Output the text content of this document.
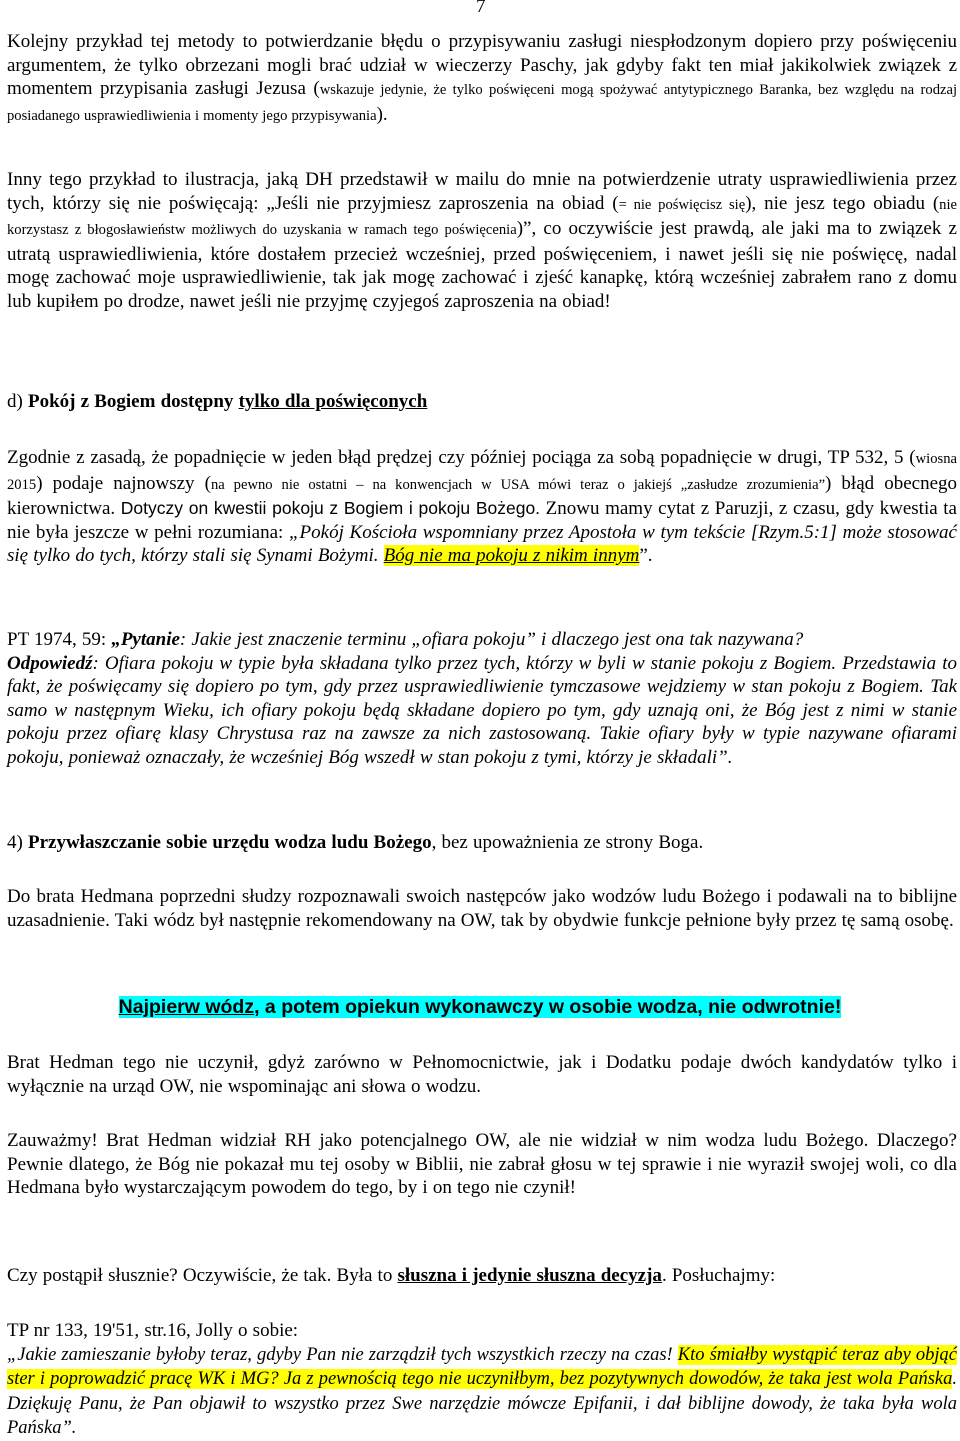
7
Kolejny przykład tej metody to potwierdzanie błędu o przypisywaniu zasługi niespłodzonym dopiero przy poświęceniu argumentem, że tylko obrzezani mogli brać udział w wieczerzy Paschy, jak gdyby fakt ten miał jakikolwiek związek z momentem przypisania zasługi Jezusa (wskazuje jedynie, że tylko poświęceni mogą spożywać antytypicznego Baranka, bez względu na rodzaj posiadanego usprawiedliwienia i momenty jego przypisywania).
Inny tego przykład to ilustracja, jaką DH przedstawił w mailu do mnie na potwierdzenie utraty usprawiedliwienia przez tych, którzy się nie poświęcają: „Jeśli nie przyjmiesz zaproszenia na obiad (= nie poświęcisz się), nie jesz tego obiadu (nie korzystasz z błogosławieństw możliwych do uzyskania w ramach tego poświęcenia)”, co oczywiście jest prawdą, ale jaki ma to związek z utratą usprawiedliwienia, które dostałem przecież wcześniej, przed poświęceniem, i nawet jeśli się nie poświęcę, nadal mogę zachować moje usprawiedliwienie, tak jak mogę zachować i zjeść kanapkę, którą wcześniej zabrałem rano z domu lub kupiłem po drodze, nawet jeśli nie przyjmę czyjegoś zaproszenia na obiad!
d) Pokój z Bogiem dostępny tylko dla poświęconych
Zgodnie z zasadą, że popadnięcie w jeden błąd prędzej czy później pociąga za sobą popadnięcie w drugi, TP 532, 5 (wiosna 2015) podaje najnowszy (na pewno nie ostatni – na konwencjach w USA mówi teraz o jakiejś „zasłudze zrozumienia”) błąd obecnego kierownictwa. Dotyczy on kwestii pokoju z Bogiem i pokoju Bożego. Znowu mamy cytat z Paruzji, z czasu, gdy kwestia ta nie była jeszcze w pełni rozumiana: „Pokój Kościoła wspomniany przez Apostoła w tym tekście [Rzym.5:1] może stosować się tylko do tych, którzy stali się Synami Bożymi. Bóg nie ma pokoju z nikim innym”.
PT 1974, 59: „Pytanie: Jakie jest znaczenie terminu „ofiara pokoju” i dlaczego jest ona tak nazywana?
Odpowiedź: Ofiara pokoju w typie była składana tylko przez tych, którzy w byli w stanie pokoju z Bogiem. Przedstawia to fakt, że poświęcamy się dopiero po tym, gdy przez usprawiedliwienie tymczasowe wejdziemy w stan pokoju z Bogiem. Tak samo w następnym Wieku, ich ofiary pokoju będą składane dopiero po tym, gdy uznają oni, że Bóg jest z nimi w stanie pokoju przez ofiarę klasy Chrystusa raz na zawsze za nich zastosowaną. Takie ofiary były w typie nazywane ofiarami pokoju, ponieważ oznaczały, że wcześniej Bóg wszedł w stan pokoju z tymi, którzy je składali”.
4) Przywłaszczanie sobie urzędu wodza ludu Bożego, bez upoważnienia ze strony Boga.
Do brata Hedmana poprzedni słudzy rozpoznawali swoich następców jako wodzów ludu Bożego i podawali na to biblijne uzasadnienie. Taki wódz był następnie rekomendowany na OW, tak by obydwie funkcje pełnione były przez tę samą osobę.
Najpierw wódz, a potem opiekun wykonawczy w osobie wodza, nie odwrotnie!
Brat Hedman tego nie uczynił, gdyż zarówno w Pełnomocnictwie, jak i Dodatku podaje dwóch kandydatów tylko i wyłącznie na urząd OW, nie wspominając ani słowa o wodzu.
Zauważmy! Brat Hedman widział RH jako potencjalnego OW, ale nie widział w nim wodza ludu Bożego. Dlaczego? Pewnie dlatego, że Bóg nie pokazał mu tej osoby w Biblii, nie zabrał głosu w tej sprawie i nie wyraził swojej woli, co dla Hedmana było wystarczającym powodem do tego, by i on tego nie czynił!
Czy postąpił słusznie? Oczywiście, że tak. Była to słuszna i jedynie słuszna decyzja. Posłuchajmy:
TP nr 133, 19'51, str.16, Jolly o sobie:
„Jakie zamieszanie byłoby teraz, gdyby Pan nie zarządził tych wszystkich rzeczy na czas! Kto śmiałby wystąpić teraz aby objąć ster i poprowadzić pracę WK i MG? Ja z pewnością tego nie uczyniłbym, bez pozytywnych dowodów, że taka jest wola Pańska. Dziękuję Panu, że Pan objawił to wszystko przez Swe narzędzie mówcze Epifanii, i dał biblijne dowody, że taka była wola Pańska”.
